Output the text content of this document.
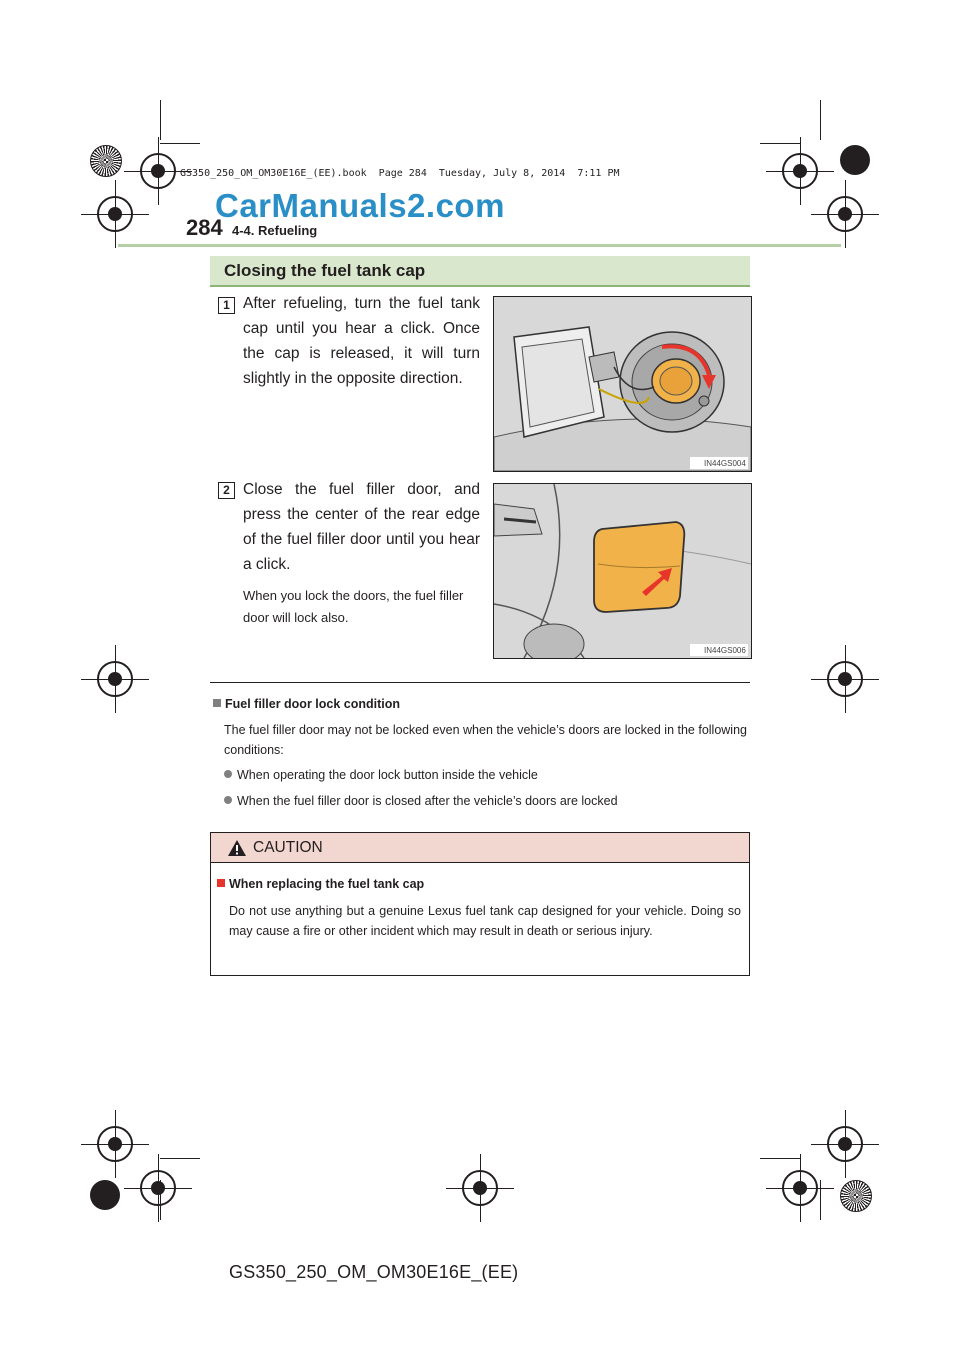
GS350_250_OM_OM30E16E_(EE).book  Page 284  Tuesday, July 8, 2014  7:11 PM
CarManuals2.com
284 4-4. Refueling
Closing the fuel tank cap
1 After refueling, turn the fuel tank cap until you hear a click. Once the cap is released, it will turn slightly in the opposite direction.
IN44GS004
2 Close the fuel filler door, and press the center of the rear edge of the fuel filler door until you hear a click.
When you lock the doors, the fuel filler door will lock also.
IN44GS006
Fuel filler door lock condition
The fuel filler door may not be locked even when the vehicle’s doors are locked in the following conditions:
When operating the door lock button inside the vehicle
When the fuel filler door is closed after the vehicle’s doors are locked
CAUTION
When replacing the fuel tank cap
Do not use anything but a genuine Lexus fuel tank cap designed for your vehicle. Doing so may cause a fire or other incident which may result in death or serious injury.
GS350_250_OM_OM30E16E_(EE)
